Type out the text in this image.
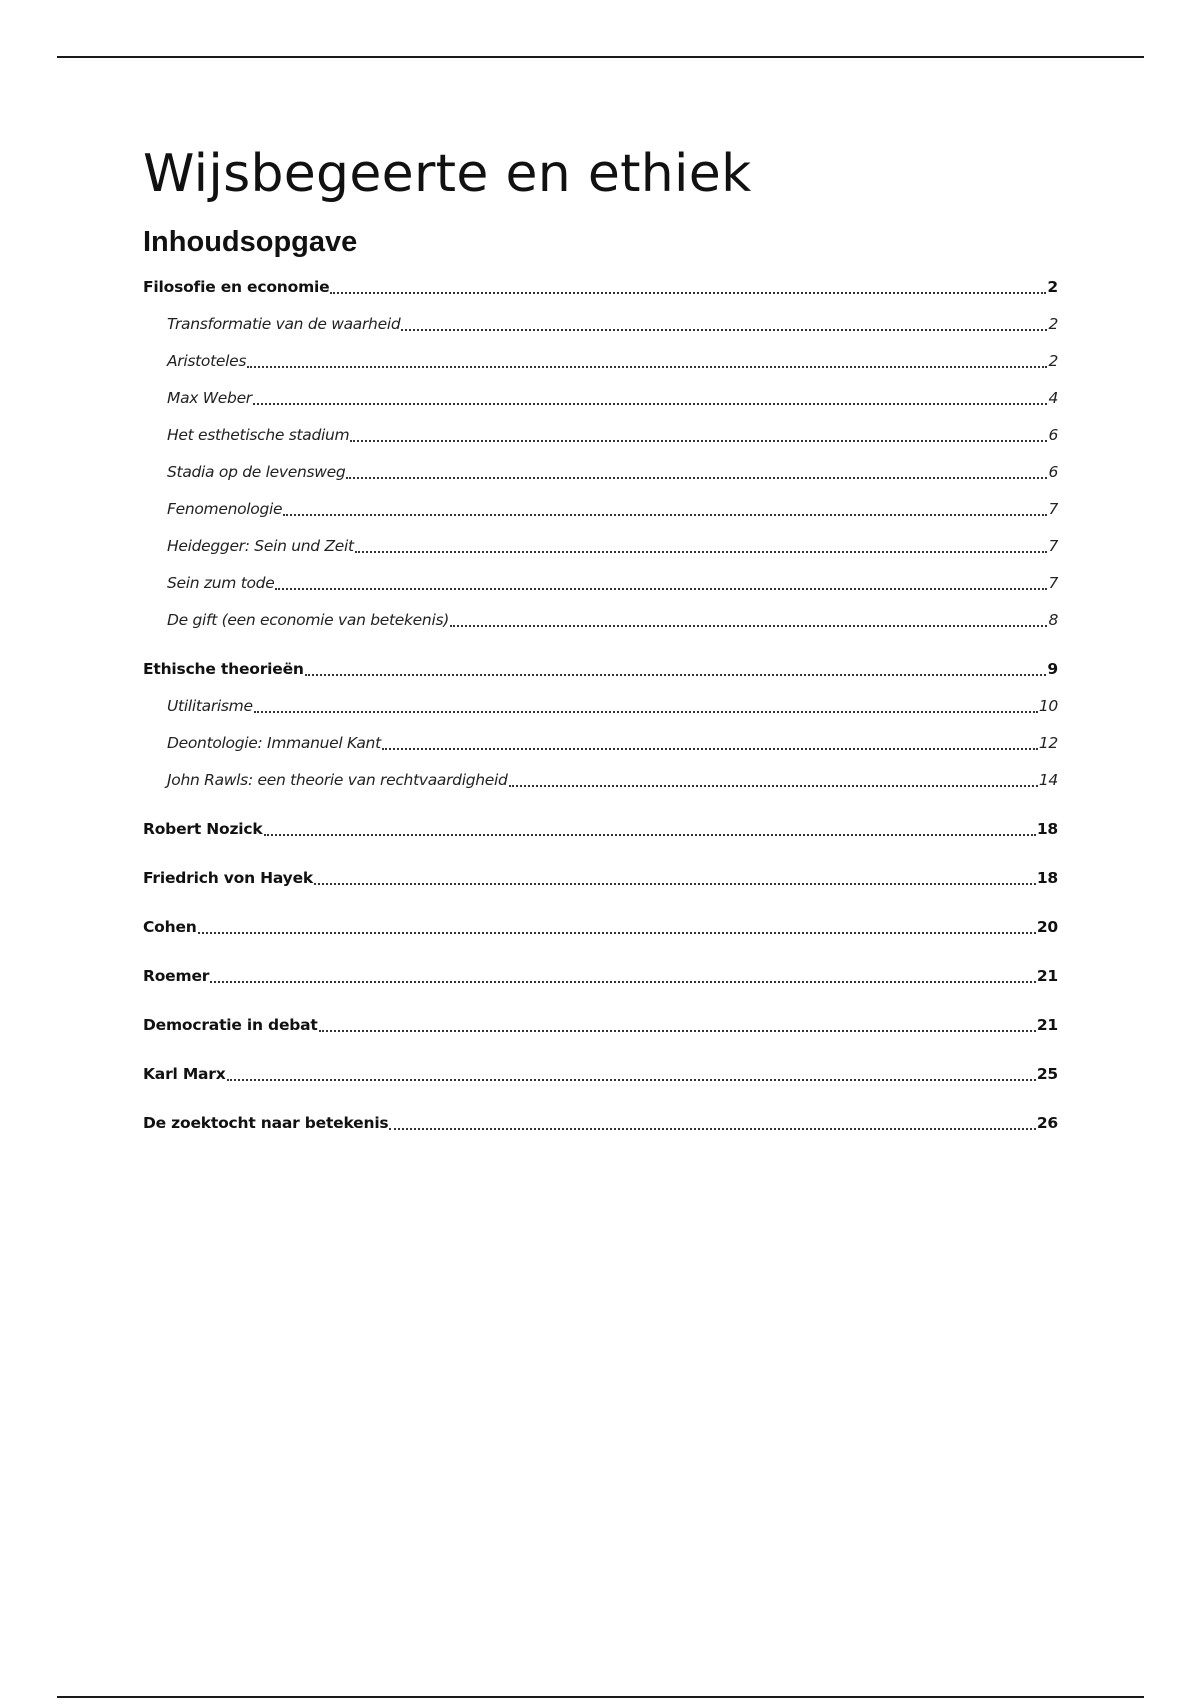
Wijsbegeerte en ethiek
Inhoudsopgave
Filosofie en economie	2
Transformatie van de waarheid	2
Aristoteles	2
Max Weber	4
Het esthetische stadium	6
Stadia op de levensweg	6
Fenomenologie	7
Heidegger: Sein und Zeit	7
Sein zum tode	7
De gift (een economie van betekenis)	8
Ethische theorieën	9
Utilitarisme	10
Deontologie: Immanuel Kant	12
John Rawls: een theorie van rechtvaardigheid	14
Robert Nozick	18
Friedrich von Hayek	18
Cohen	20
Roemer	21
Democratie in debat	21
Karl Marx	25
De zoektocht naar betekenis	26
